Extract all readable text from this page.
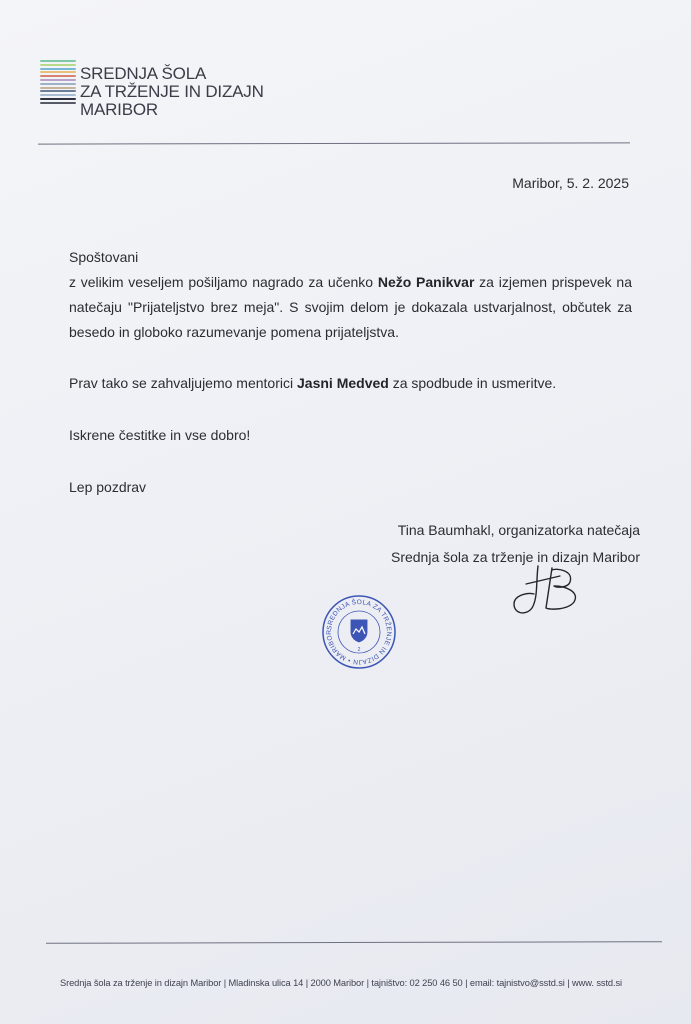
SREDNJA ŠOLA
ZA TRŽENJE IN DIZAJN
MARIBOR
Maribor, 5. 2. 2025

Spoštovani

z velikim veseljem pošiljamo nagrado za učenko Nežo Panikvar za izjemen prispevek na natečaju "Prijateljstvo brez meja". S svojim delom je dokazala ustvarjalnost, občutek za besedo in globoko razumevanje pomena prijateljstva.

Prav tako se zahvaljujemo mentorici Jasni Medved za spodbude in usmeritve.

Iskrene čestitke in vse dobro!

Lep pozdrav

Tina Baumhakl, organizatorka natečaja
Srednja šola za trženje in dizajn Maribor
SREDNJA ŠOLA ZA TRŽENJE IN DIZAJN • MARIBOR
2
Srednja šola za trženje in dizajn Maribor | Mladinska ulica 14 | 2000 Maribor | tajništvo: 02 250 46 50 | email: tajnistvo@sstd.si | www. sstd.si
